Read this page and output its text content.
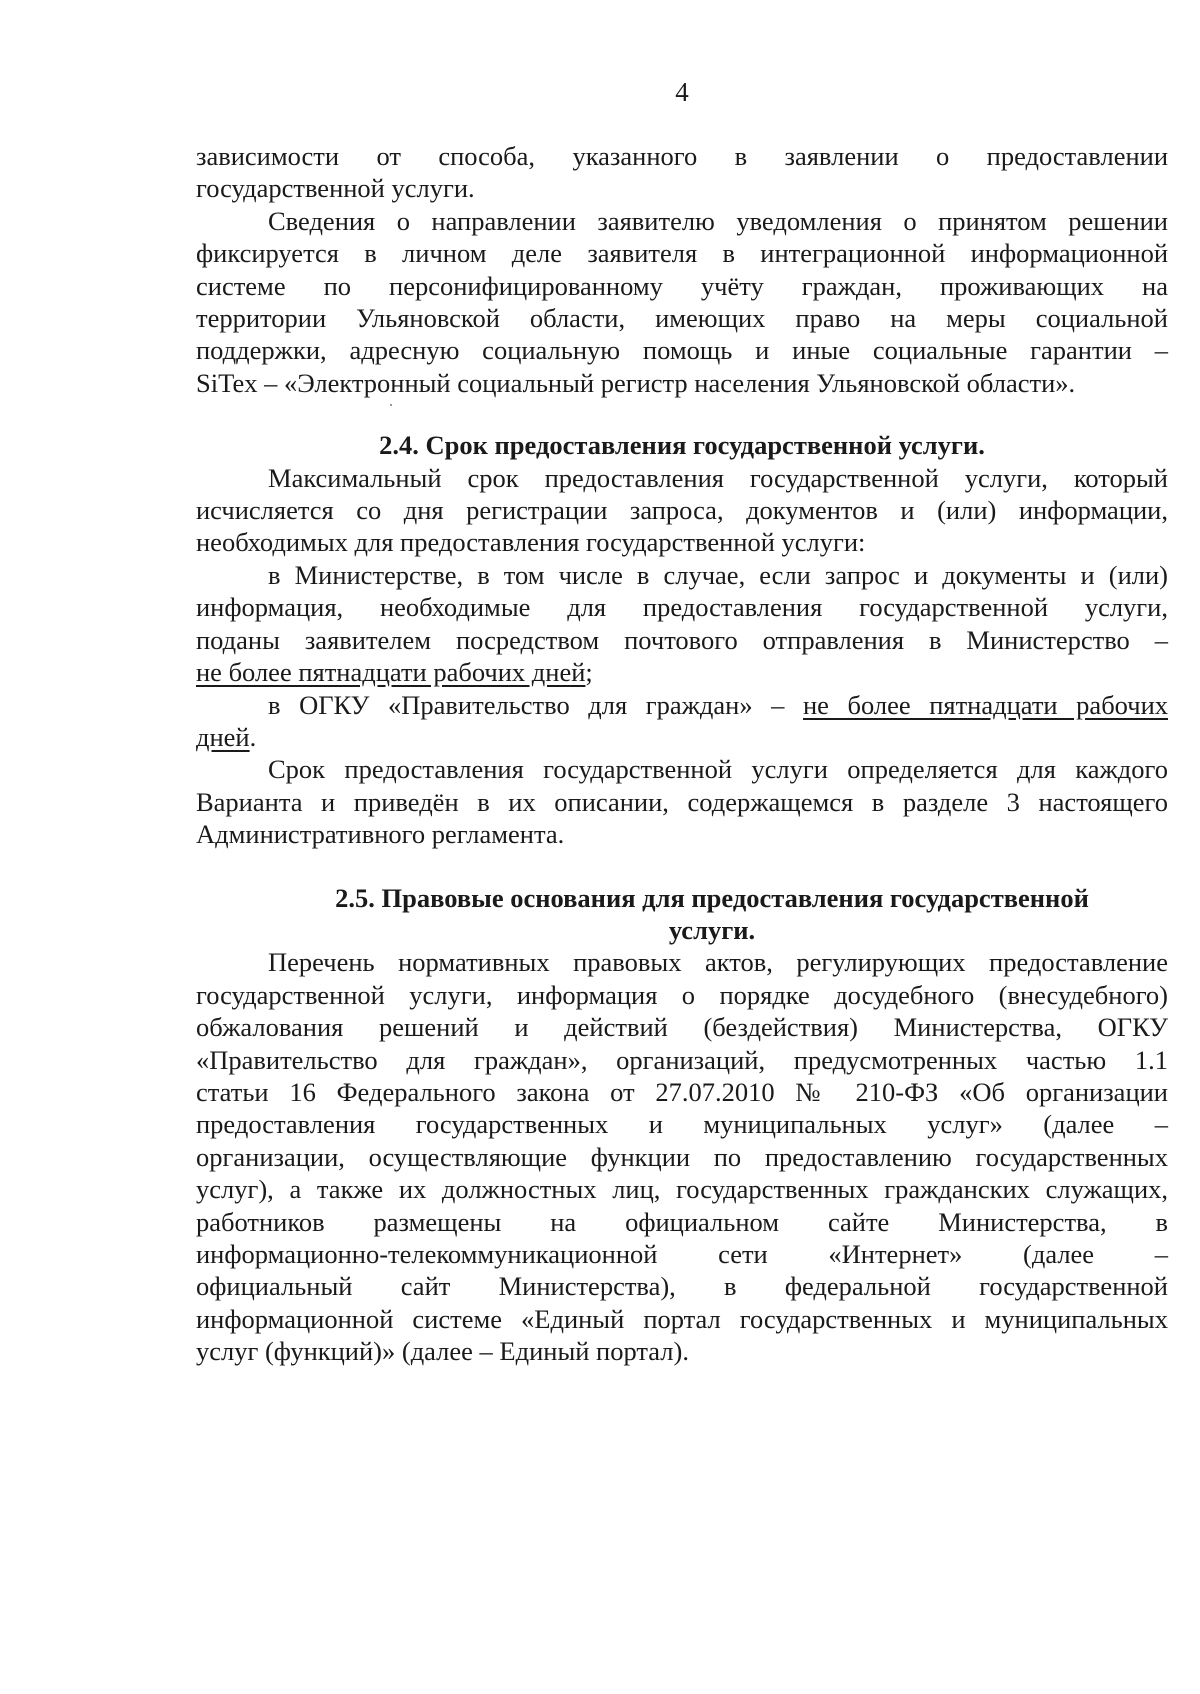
4

зависимости от способа, указанного в заявлении о предоставлении
государственной услуги.

Сведения о направлении заявителю уведомления о принятом решении
фиксируется в личном деле заявителя в интеграционной информационной
системе по персонифицированному учёту граждан, проживающих на
территории Ульяновской области, имеющих право на меры социальной
поддержки, адресную социальную помощь и иные социальные гарантии –
SiTex – «Электронный социальный регистр населения Ульяновской области».

2.4. Срок предоставления государственной услуги.

Максимальный срок предоставления государственной услуги, который
исчисляется со дня регистрации запроса, документов и (или) информации,
необходимых для предоставления государственной услуги:

в Министерстве, в том числе в случае, если запрос и документы и (или)
информация, необходимые для предоставления государственной услуги,
поданы заявителем посредством почтового отправления в Министерство –
не более пятнадцати рабочих дней;

в ОГКУ «Правительство для граждан» – не более пятнадцати рабочих
дней.

Срок предоставления государственной услуги определяется для каждого
Варианта и приведён в их описании, содержащемся в разделе 3 настоящего
Административного регламента.

2.5. Правовые основания для предоставления государственной
услуги.

Перечень нормативных правовых актов, регулирующих предоставление
государственной услуги, информация о порядке досудебного (внесудебного)
обжалования решений и действий (бездействия) Министерства, ОГКУ
«Правительство для граждан», организаций, предусмотренных частью 1.1
статьи 16 Федерального закона от 27.07.2010 № 210-ФЗ «Об организации
предоставления государственных и муниципальных услуг» (далее –
организации, осуществляющие функции по предоставлению государственных
услуг), а также их должностных лиц, государственных гражданских служащих,
работников размещены на официальном сайте Министерства, в
информационно-телекоммуникационной сети «Интернет» (далее –
официальный сайт Министерства), в федеральной государственной
информационной системе «Единый портал государственных и муниципальных
услуг (функций)» (далее – Единый портал).
